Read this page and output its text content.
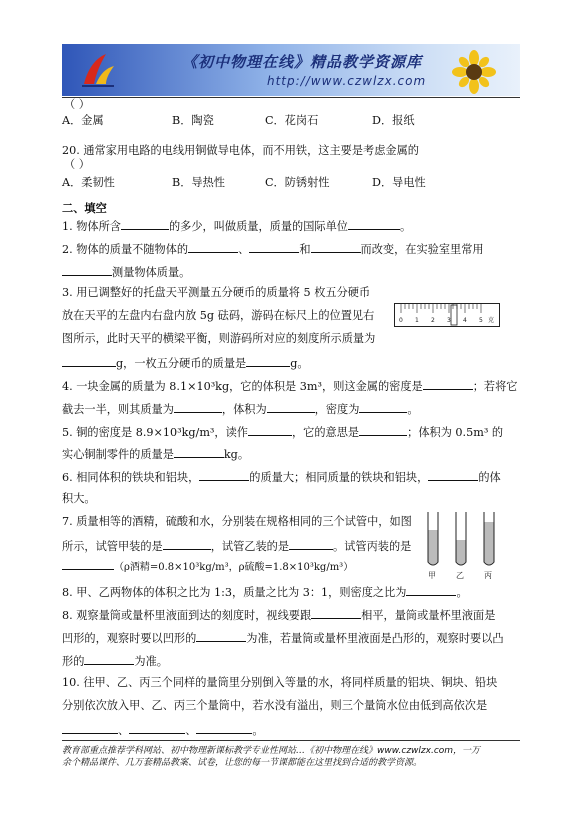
《初中物理在线》精品教学资源库
http://www.czwlzx.com
（ ）
A．金属	B．陶瓷	C．花岗石	D．报纸
20. 通常家用电路的电线用铜做导电体，而不用铁，这主要是考虑金属的
（ ）
A．柔韧性	B．导热性	C．防锈射性	D．导电性
二、填空
1. 物体所含	的多少，叫做质量，质量的国际单位	。
2. 物体的质量不随物体的	、	和	而改变，在实验室里常用
测量物体质量。
3. 用已调整好的托盘天平测量五分硬币的质量将 5 枚五分硬币
放在天平的左盘内右盘内放 5g 砝码，游码在标尺上的位置见右
图所示，此时天平的横梁平衡，则游码所对应的刻度所示质量为
g，一枚五分硬币的质量是	g。
0 1 2 3 4 5 克
4. 一块金属的质量为 8.1×10³kg，它的体积是 3m³，则这金属的密度是	；若将它
截去一半，则其质量为	，体积为	，密度为	。
5. 铜的密度是 8.9×10³kg/m³，读作	，它的意思是	；体积为 0.5m³ 的
实心铜制零件的质量是	kg。
6. 相同体积的铁块和铝块，	的质量大；相同质量的铁块和铝块，	的体
积大。
7. 质量相等的酒精，硫酸和水，分别装在规格相同的三个试管中，如图
所示，试管甲装的是	，试管乙装的是	。试管丙装的是
（ρ酒精=0.8×10³kg/m³，ρ硫酸=1.8×10³kg/m³）
甲	乙	丙
8. 甲、乙两物体的体积之比为 1:3，质量之比为 3：1，则密度之比为	。
8. 观察量筒或量杯里液面到达的刻度时，视线要跟	相平，量筒或量杯里液面是
凹形的，观察时要以凹形的	为准，若量筒或量杯里液面是凸形的，观察时要以凸
形的	为准。
10. 往甲、乙、丙三个同样的量筒里分别倒入等量的水，将同样质量的铝块、铜块、铅块
分别依次放入甲、乙、丙三个量筒中，若水没有溢出，则三个量筒水位由低到高依次是
、	、	。
教育部重点推荐学科网站、初中物理新课标教学专业性网站…《初中物理在线》www.czwlzx.com，一万
余个精品课件、几万套精品教案、试卷，让您的每一节课都能在这里找到合适的教学资源。
